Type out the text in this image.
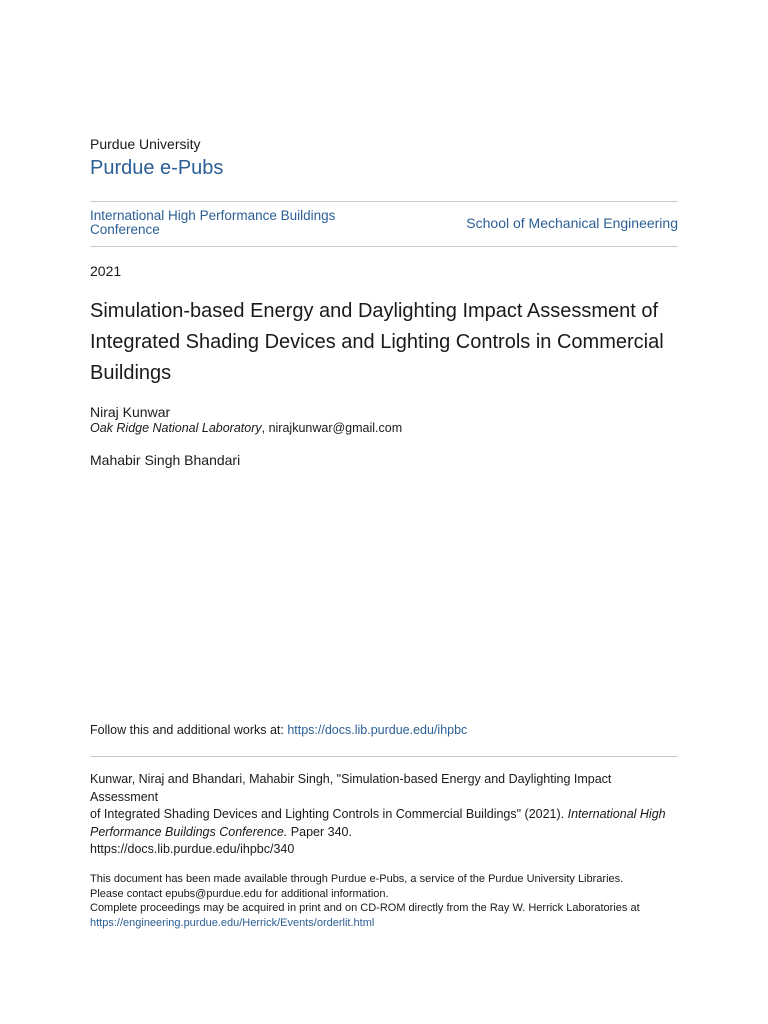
Purdue University
Purdue e-Pubs
International High Performance Buildings
Conference	School of Mechanical Engineering
2021
Simulation-based Energy and Daylighting Impact Assessment of
Integrated Shading Devices and Lighting Controls in Commercial
Buildings
Niraj Kunwar
Oak Ridge National Laboratory, nirajkunwar@gmail.com
Mahabir Singh Bhandari
Follow this and additional works at: https://docs.lib.purdue.edu/ihpbc
Kunwar, Niraj and Bhandari, Mahabir Singh, "Simulation-based Energy and Daylighting Impact Assessment
of Integrated Shading Devices and Lighting Controls in Commercial Buildings" (2021). International High
Performance Buildings Conference. Paper 340.
https://docs.lib.purdue.edu/ihpbc/340
This document has been made available through Purdue e-Pubs, a service of the Purdue University Libraries.
Please contact epubs@purdue.edu for additional information.
Complete proceedings may be acquired in print and on CD-ROM directly from the Ray W. Herrick Laboratories at
https://engineering.purdue.edu/Herrick/Events/orderlit.html
